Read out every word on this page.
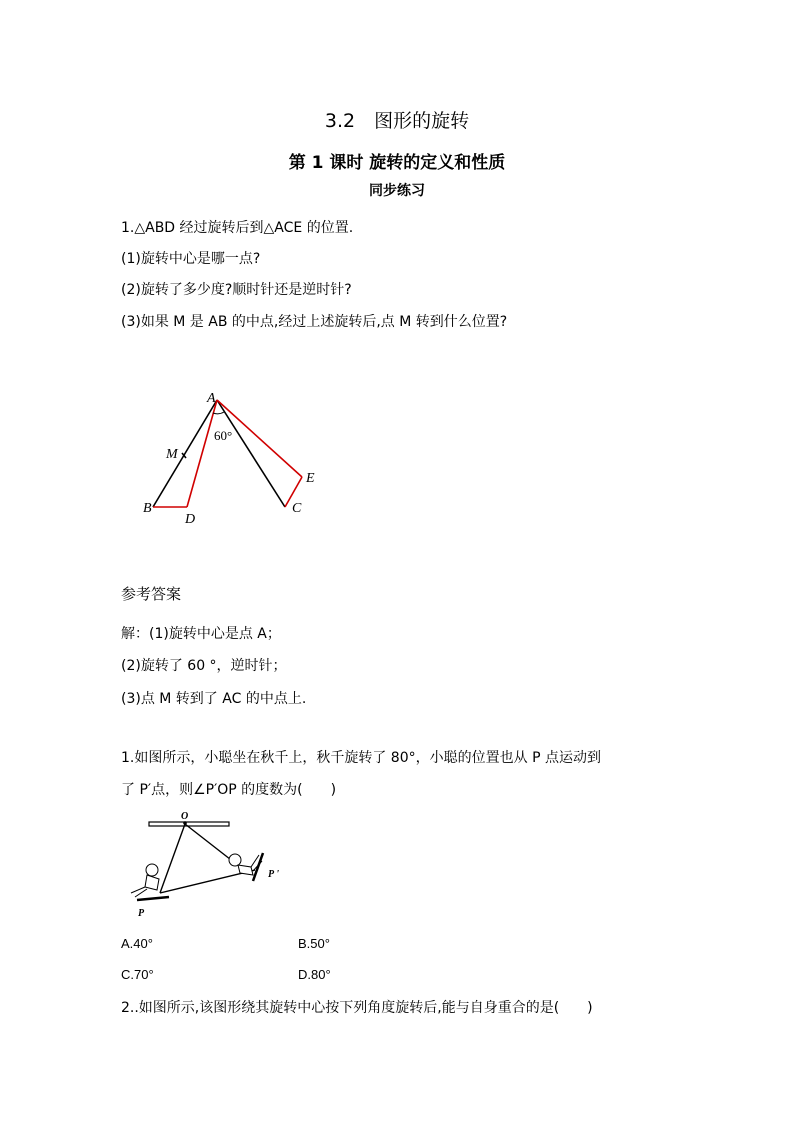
3.2　图形的旋转
第 1 课时 旋转的定义和性质
同步练习
1.△ABD 经过旋转后到△ACE 的位置.
(1)旋转中心是哪一点?
(2)旋转了多少度?顺时针还是逆时针?
(3)如果 M 是 AB 的中点,经过上述旋转后,点 M 转到什么位置?
A
B	C
D
E
M
60°
参考答案
解：(1)旋转中心是点 A；
(2)旋转了 60 °，逆时针；
(3)点 M 转到了 AC 的中点上.
1.如图所示，小聪坐在秋千上，秋千旋转了 80°，小聪的位置也从 P 点运动到
了 P′点，则∠P′OP 的度数为(　　)
O
P
P '
A.40°	B.50°
C.70°	D.80°
2..如图所示,该图形绕其旋转中心按下列角度旋转后,能与自身重合的是(　　)
